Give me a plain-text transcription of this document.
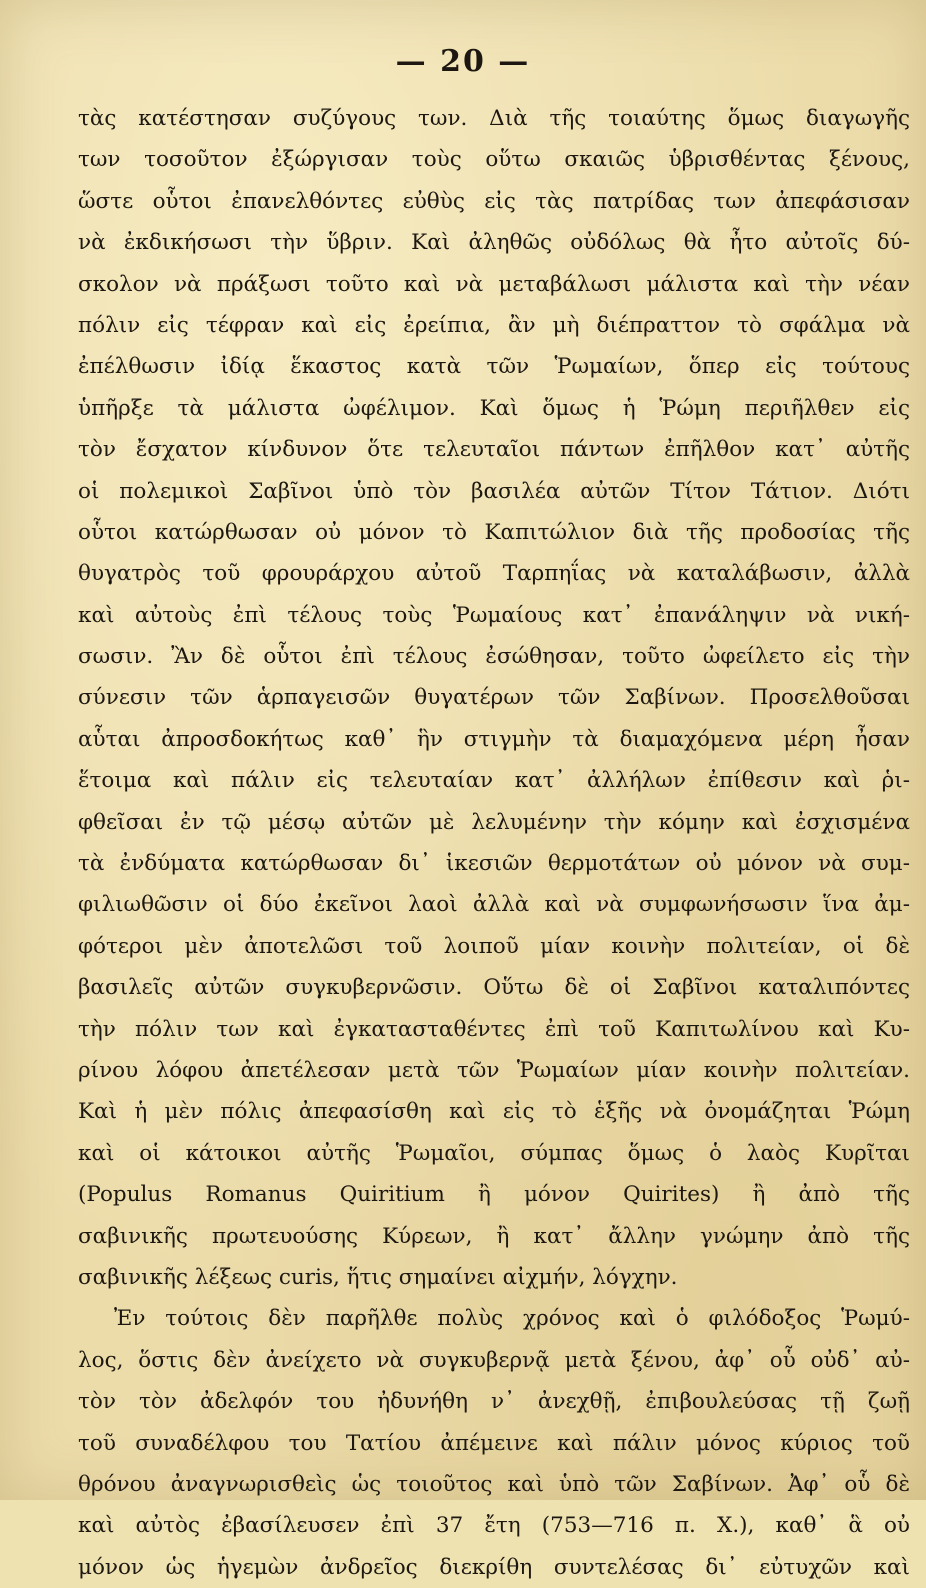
— 20 —
τὰς κατέστησαν συζύγους των. Διὰ τῆς τοιαύτης ὅμως διαγωγῆς
των τοσοῦτον ἐξώργισαν τοὺς οὕτω σκαιῶς ὑβρισθέντας ξένους,
ὥστε οὗτοι ἐπανελθόντες εὐθὺς εἰς τὰς πατρίδας των ἀπεφάσισαν
νὰ ἐκδικήσωσι τὴν ὕβριν. Καὶ ἀληθῶς οὐδόλως θὰ ἦτο αὐτοῖς δύ-
σκολον νὰ πράξωσι τοῦτο καὶ νὰ μεταβάλωσι μάλιστα καὶ τὴν νέαν
πόλιν εἰς τέφραν καὶ εἰς ἐρείπια, ἂν μὴ διέπραττον τὸ σφάλμα νὰ
ἐπέλθωσιν ἰδίᾳ ἕκαστος κατὰ τῶν Ῥωμαίων, ὅπερ εἰς τούτους
ὑπῆρξε τὰ μάλιστα ὠφέλιμον. Καὶ ὅμως ἡ Ῥώμη περιῆλθεν εἰς
τὸν ἔσχατον κίνδυνον ὅτε τελευταῖοι πάντων ἐπῆλθον κατ᾽ αὐτῆς
οἱ πολεμικοὶ Σαβῖνοι ὑπὸ τὸν βασιλέα αὐτῶν Τίτον Τάτιον. Διότι
οὗτοι κατώρθωσαν οὐ μόνον τὸ Καπιτώλιον διὰ τῆς προδοσίας τῆς
θυγατρὸς τοῦ φρουράρχου αὐτοῦ Ταρπηΐας νὰ καταλάβωσιν, ἀλλὰ
καὶ αὐτοὺς ἐπὶ τέλους τοὺς Ῥωμαίους κατ᾽ ἐπανάληψιν νὰ νική-
σωσιν. Ἂν δὲ οὗτοι ἐπὶ τέλους ἐσώθησαν, τοῦτο ὠφείλετο εἰς τὴν
σύνεσιν τῶν ἁρπαγεισῶν θυγατέρων τῶν Σαβίνων. Προσελθοῦσαι
αὗται ἀπροσδοκήτως καθ᾽ ἣν στιγμὴν τὰ διαμαχόμενα μέρη ἦσαν
ἕτοιμα καὶ πάλιν εἰς τελευταίαν κατ᾽ ἀλλήλων ἐπίθεσιν καὶ ῥι-
φθεῖσαι ἐν τῷ μέσῳ αὐτῶν μὲ λελυμένην τὴν κόμην καὶ ἐσχισμένα
τὰ ἐνδύματα κατώρθωσαν δι᾽ ἱκεσιῶν θερμοτάτων οὐ μόνον νὰ συμ-
φιλιωθῶσιν οἱ δύο ἐκεῖνοι λαοὶ ἀλλὰ καὶ νὰ συμφωνήσωσιν ἵνα ἀμ-
φότεροι μὲν ἀποτελῶσι τοῦ λοιποῦ μίαν κοινὴν πολιτείαν, οἱ δὲ
βασιλεῖς αὐτῶν συγκυβερνῶσιν. Οὕτω δὲ οἱ Σαβῖνοι καταλιπόντες
τὴν πόλιν των καὶ ἐγκατασταθέντες ἐπὶ τοῦ Καπιτωλίνου καὶ Κυ-
ρίνου λόφου ἀπετέλεσαν μετὰ τῶν Ῥωμαίων μίαν κοινὴν πολιτείαν.
Καὶ ἡ μὲν πόλις ἀπεφασίσθη καὶ εἰς τὸ ἑξῆς νὰ ὀνομάζηται Ῥώμη
καὶ οἱ κάτοικοι αὐτῆς Ῥωμαῖοι, σύμπας ὅμως ὁ λαὸς Κυρῖται
(Populus Romanus Quiritium ἢ μόνον Quirites) ἢ ἀπὸ τῆς
σαβινικῆς πρωτευούσης Κύρεων, ἢ κατ᾽ ἄλλην γνώμην ἀπὸ τῆς
σαβινικῆς λέξεως curis, ἥτις σημαίνει αἰχμήν, λόγχην.
Ἐν τούτοις δὲν παρῆλθε πολὺς χρόνος καὶ ὁ φιλόδοξος Ῥωμύ-
λος, ὅστις δὲν ἀνείχετο νὰ συγκυβερνᾷ μετὰ ξένου, ἀφ᾽ οὗ οὐδ᾽ αὐ-
τὸν τὸν ἀδελφόν του ἠδυνήθη ν᾽ ἀνεχθῇ, ἐπιβουλεύσας τῇ ζωῇ
τοῦ συναδέλφου του Τατίου ἀπέμεινε καὶ πάλιν μόνος κύριος τοῦ
θρόνου ἀναγνωρισθεὶς ὡς τοιοῦτος καὶ ὑπὸ τῶν Σαβίνων. Ἀφ᾽ οὗ δὲ
καὶ αὐτὸς ἐβασίλευσεν ἐπὶ 37 ἔτη (753—716 π. Χ.), καθ᾽ ἃ οὐ
μόνον ὡς ἡγεμὼν ἀνδρεῖος διεκρίθη συντελέσας δι᾽ εὐτυχῶν καὶ
